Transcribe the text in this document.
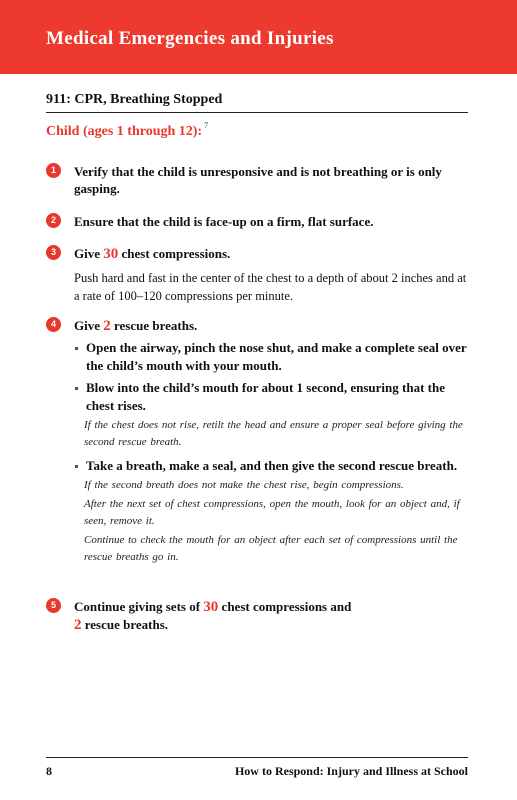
Medical Emergencies and Injuries
911: CPR, Breathing Stopped
Child (ages 1 through 12): $^7$
1	Verify that the child is unresponsive and is not breathing or is only gasping.
2	Ensure that the child is face-up on a firm, flat surface.
3	Give 30 chest compressions.
Push hard and fast in the center of the chest to a depth of about 2 inches and at a rate of 100–120 compressions per minute.
4	Give 2 rescue breaths.
Open the airway, pinch the nose shut, and make a complete seal over the child’s mouth with your mouth.
Blow into the child’s mouth for about 1 second, ensuring that the chest rises.
If the chest does not rise, retilt the head and ensure a proper seal before giving the second rescue breath.
Take a breath, make a seal, and then give the second rescue breath.
If the second breath does not make the chest rise, begin compressions.
After the next set of chest compressions, open the mouth, look for an object and, if seen, remove it.
Continue to check the mouth for an object after each set of compressions until the rescue breaths go in.
5	Continue giving sets of 30 chest compressions and
2 rescue breaths.
8	How to Respond: Injury and Illness at School
